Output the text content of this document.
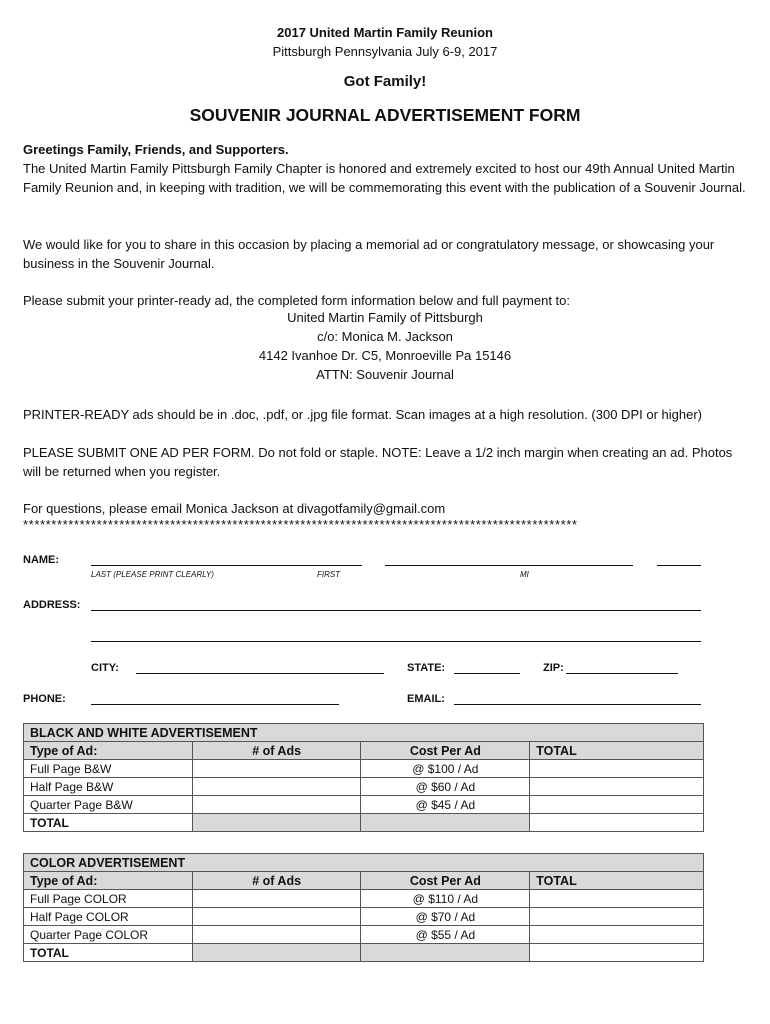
2017 United Martin Family Reunion
Pittsburgh Pennsylvania July 6-9, 2017
Got Family!
SOUVENIR JOURNAL ADVERTISEMENT FORM
Greetings Family, Friends, and Supporters.
The United Martin Family Pittsburgh Family Chapter is honored and extremely excited to host our 49th Annual United Martin Family Reunion and, in keeping with tradition, we will be commemorating this event with the publication of a Souvenir Journal.
We would like for you to share in this occasion by placing a memorial ad or congratulatory message, or showcasing your business in the Souvenir Journal.
Please submit your printer-ready ad, the completed form information below and full payment to:
United Martin Family of Pittsburgh
c/o: Monica M. Jackson
4142 Ivanhoe Dr. C5, Monroeville Pa 15146
ATTN: Souvenir Journal
PRINTER-READY ads should be in .doc, .pdf, or .jpg file format. Scan images at a high resolution. (300 DPI or higher)
PLEASE SUBMIT ONE AD PER FORM. Do not fold or staple. NOTE: Leave a 1/2 inch margin when creating an ad. Photos will be returned when you register.
For questions, please email Monica Jackson at divagotfamily@gmail.com
**************************************************************************************************
NAME:
LAST (PLEASE PRINT CLEARLY)	FIRST	MI
ADDRESS:
CITY:	STATE:	ZIP:
PHONE:	EMAIL:
BLACK AND WHITE ADVERTISEMENT			
Type of Ad:	# of Ads	Cost Per Ad	TOTAL
Full Page B&W		@ $100 / Ad	
Half Page B&W		@ $60 / Ad	
Quarter Page B&W		@ $45 / Ad	
TOTAL			
COLOR ADVERTISEMENT			
Type of Ad:	# of Ads	Cost Per Ad	TOTAL
Full Page COLOR		@ $110 / Ad	
Half Page COLOR		@ $70 / Ad	
Quarter Page COLOR		@ $55 / Ad	
TOTAL			
